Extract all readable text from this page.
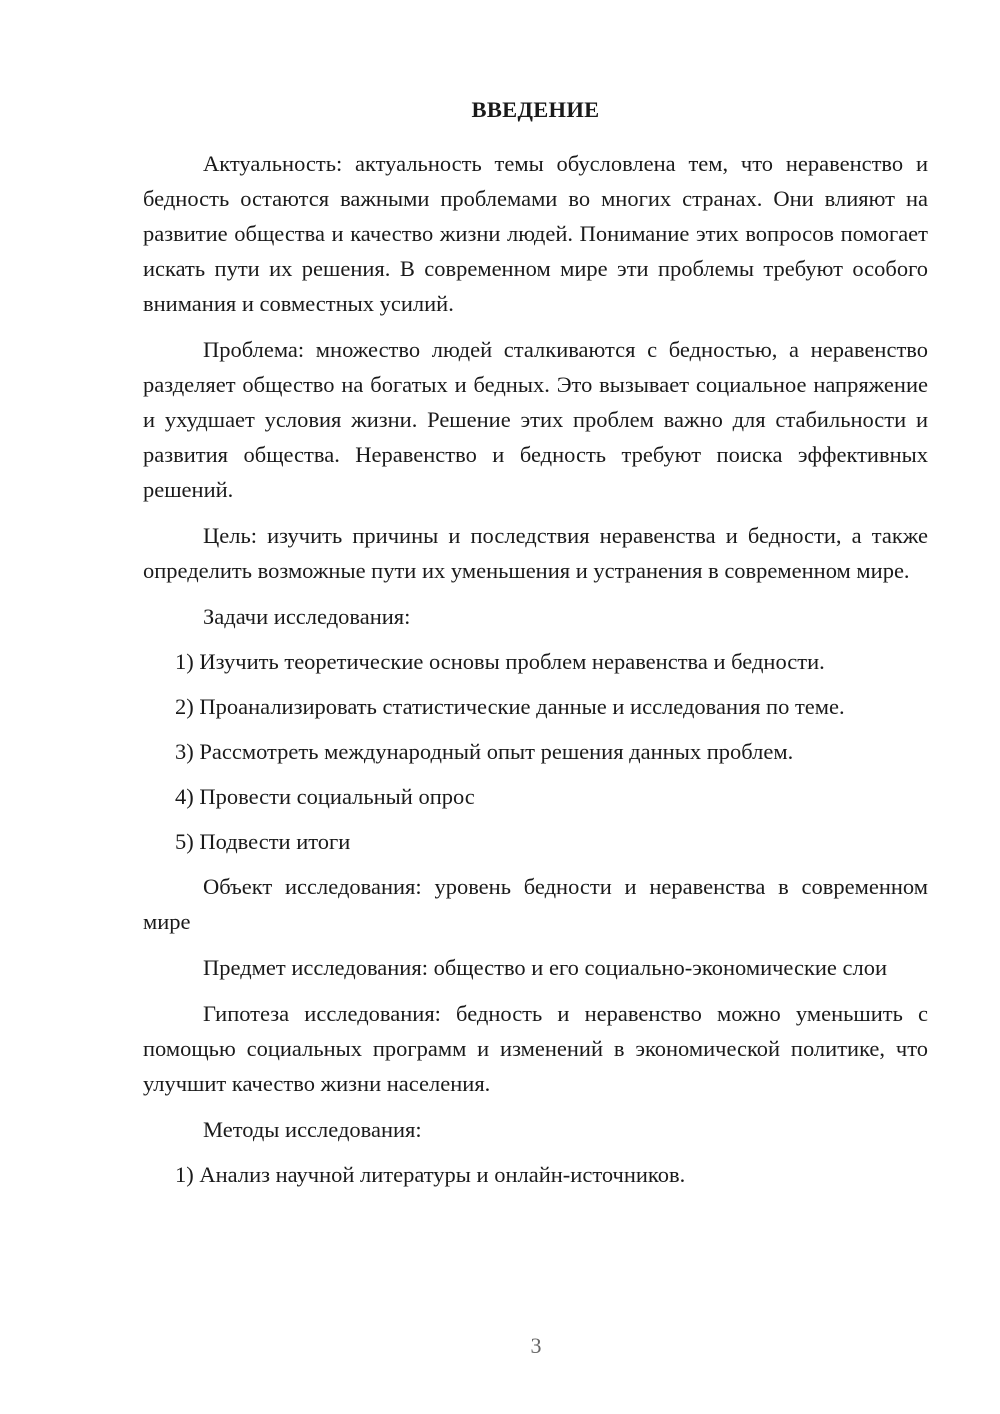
ВВЕДЕНИЕ

Актуальность: актуальность темы обусловлена тем, что неравенство и бедность остаются важными проблемами во многих странах. Они влияют на развитие общества и качество жизни людей. Понимание этих вопросов помогает искать пути их решения. В современном мире эти проблемы требуют особого внимания и совместных усилий.

Проблема: множество людей сталкиваются с бедностью, а неравенство разделяет общество на богатых и бедных. Это вызывает социальное напряжение и ухудшает условия жизни. Решение этих проблем важно для стабильности и развития общества. Неравенство и бедность требуют поиска эффективных решений.

Цель: изучить причины и последствия неравенства и бедности, а также определить возможные пути их уменьшения и устранения в современном мире.

Задачи исследования:
1) Изучить теоретические основы проблем неравенства и бедности.
2) Проанализировать статистические данные и исследования по теме.
3) Рассмотреть международный опыт решения данных проблем.
4) Провести социальный опрос
5) Подвести итоги

Объект исследования: уровень бедности и неравенства в современном мире

Предмет исследования: общество и его социально-экономические слои

Гипотеза исследования: бедность и неравенство можно уменьшить с помощью социальных программ и изменений в экономической политике, что улучшит качество жизни населения.

Методы исследования:
1) Анализ научной литературы и онлайн-источников.
3
